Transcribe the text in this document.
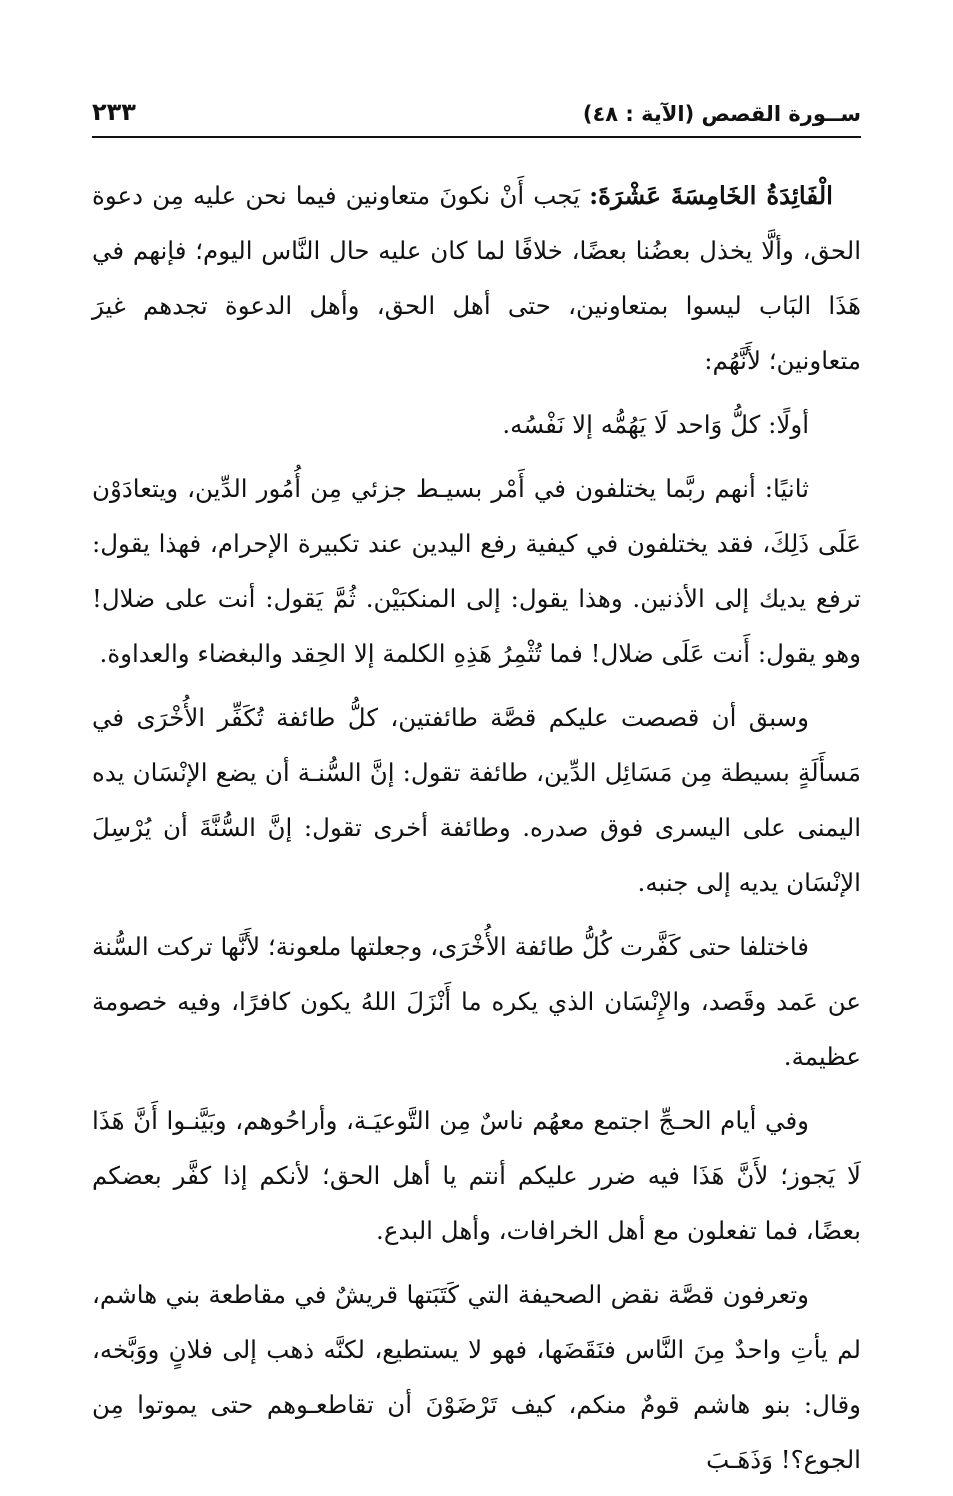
ســورة القصص (الآية : ٤٨)
٢٣٣

الْفَائِدَةُ الخَامِسَةَ عَشْرَةَ: يَجب أَنْ نكونَ متعاونين فيما نحن عليه مِن دعوة الحق، وألَّا يخذل بعضُنا بعضًا، خلافًا لما كان عليه حال النَّاس اليوم؛ فإنهم في هَذَا البَاب ليسوا بمتعاونين، حتى أهل الحق، وأهل الدعوة تجدهم غيرَ متعاونين؛ لأَنَّهُم:

أولًا: كلُّ وَاحد لَا يَهُمُّه إلا نَفْسُه.

ثانيًا: أنهم ربَّما يختلفون في أَمْر بسيـط جزئي مِن أُمُور الدِّين، ويتعادَوْن عَلَى ذَلِكَ، فقد يختلفون في كيفية رفع اليدين عند تكبيرة الإحرام، فهذا يقول: ترفع يديك إلى الأذنين. وهذا يقول: إلى المنكبَيْن. ثُمَّ يَقول: أنت على ضلال! وهو يقول: أَنت عَلَى ضلال! فما تُثْمِرُ هَذِهِ الكلمة إلا الحِقد والبغضاء والعداوة.

وسبق أن قصصت عليكم قصَّة طائفتين، كلُّ طائفة تُكَفِّر الأُخْرَى في مَسأَلَةٍ بسيطة مِن مَسَائِل الدِّين، طائفة تقول: إنَّ السُّنـة أن يضع الإنْسَان يده اليمنى على اليسرى فوق صدره. وطائفة أخرى تقول: إنَّ السُّنَّةَ أن يُرْسِلَ الإنْسَان يديه إلى جنبه.

فاختلفا حتى كَفَّرت كُلُّ طائفة الأُخْرَى، وجعلتها ملعونة؛ لأَنَّها تركت السُّنة عن عَمد وقَصد، والإِنْسَان الذي يكره ما أَنْزَلَ اللهُ يكون كافرًا، وفيه خصومة عظيمة.

وفي أيام الحـجِّ اجتمع معهُم ناسٌ مِن التَّوعيَـة، وأراحُوهم، وبَيَّنـوا أَنَّ هَذَا لَا يَجوز؛ لأَنَّ هَذَا فيه ضرر عليكم أنتم يا أهل الحق؛ لأنكم إذا كفَّر بعضكم بعضًا، فما تفعلون مع أهل الخرافات، وأهل البدع.

وتعرفون قصَّة نقض الصحيفة التي كَتَبَتها قريشٌ في مقاطعة بني هاشم، لم يأتِ واحدٌ مِنَ النَّاس فنَقَضَها، فهو لا يستطيع، لكنَّه ذهب إلى فلانٍ ووَبَّخه، وقال: بنو هاشم قومٌ منكم، كيف تَرْضَوْنَ أن تقاطعـوهم حتى يموتوا مِن الجوع؟! وَذَهَـبَ
